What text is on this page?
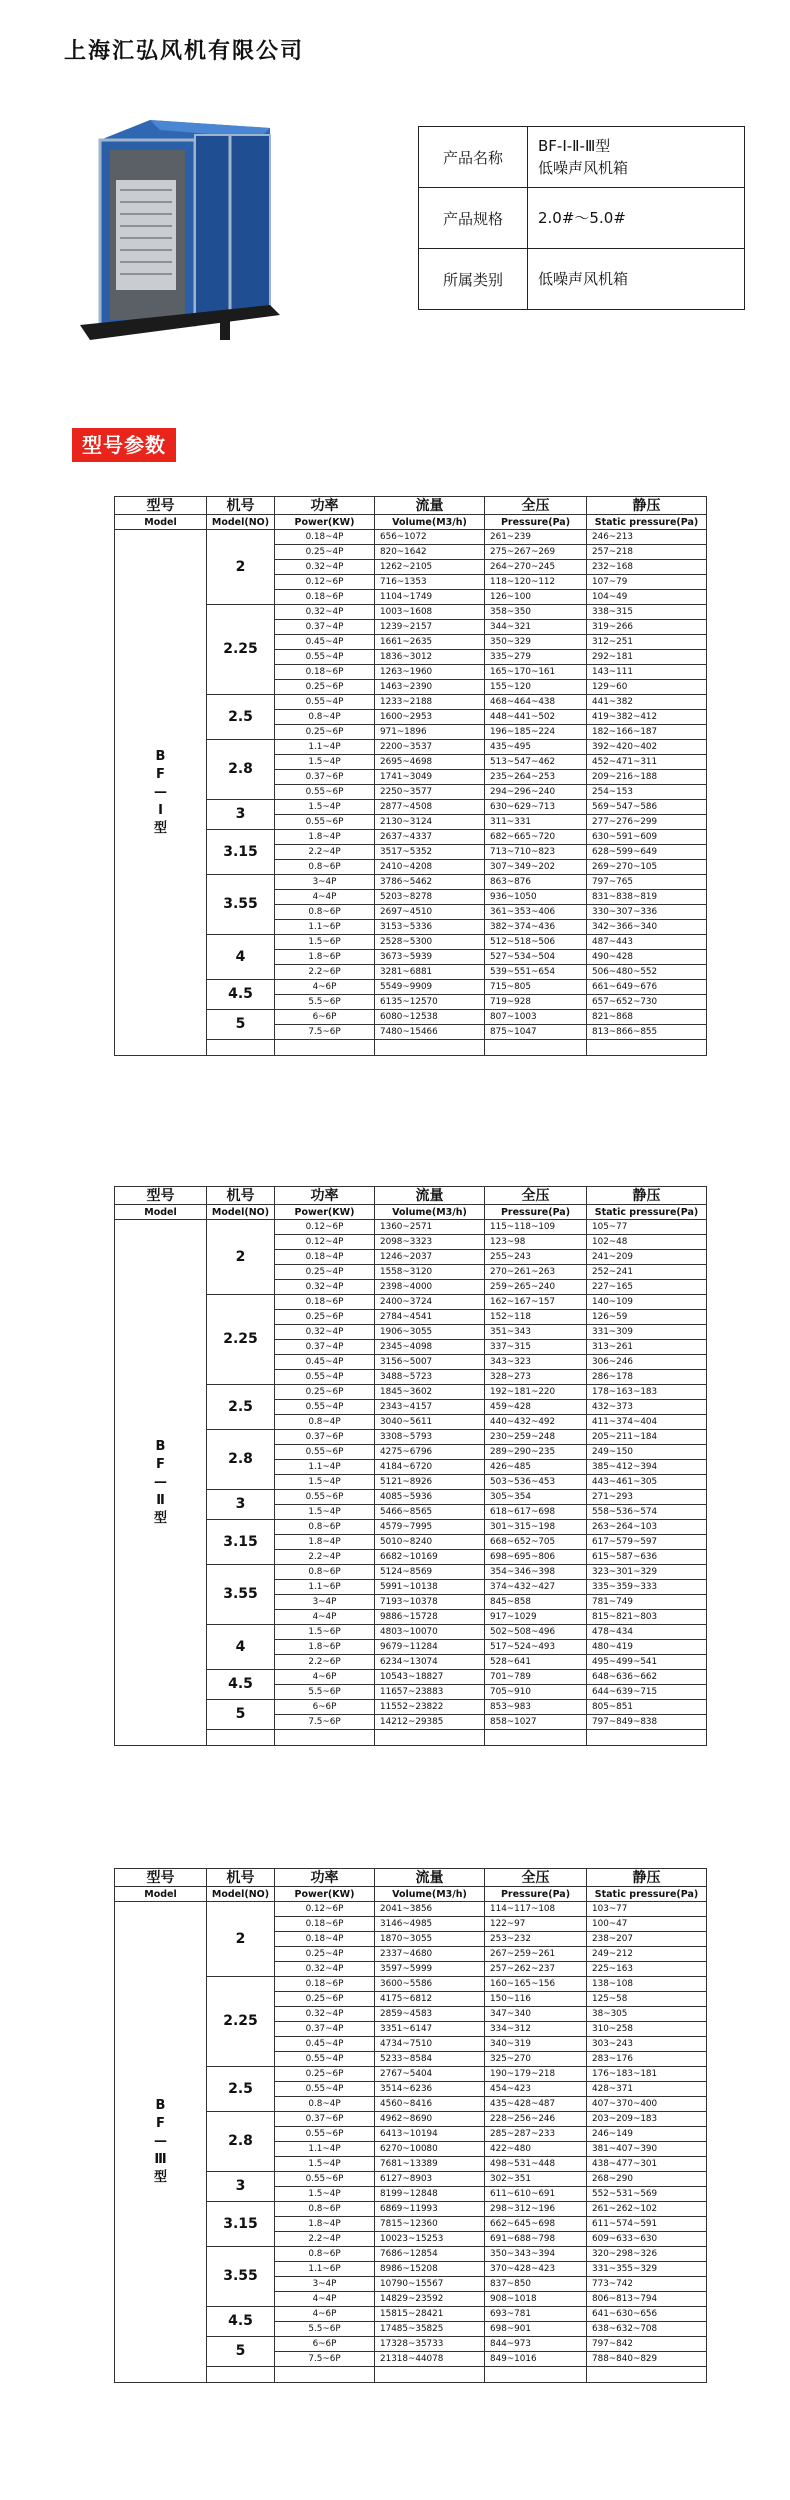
上海汇弘风机有限公司
产品名称	BF-Ⅰ-Ⅱ-Ⅲ型
低噪声风机箱
产品规格	2.0#～5.0#
所属类别	低噪声风机箱
型号参数
型号	机号	功率	流量	全压	静压
Model	Model(NO)	Power(KW)	Volume(M3/h)	Pressure(Pa)	Static pressure(Pa)

B
F
—
Ⅰ
型	2	0.18~4P	656~1072	261~239	246~213
		0.25~4P	820~1642	275~267~269	257~218
		0.32~4P	1262~2105	264~270~245	232~168
		0.12~6P	716~1353	118~120~112	107~79
		0.18~6P	1104~1749	126~100	104~49
	2.25	0.32~4P	1003~1608	358~350	338~315
		0.37~4P	1239~2157	344~321	319~266
		0.45~4P	1661~2635	350~329	312~251
		0.55~4P	1836~3012	335~279	292~181
		0.18~6P	1263~1960	165~170~161	143~111
		0.25~6P	1463~2390	155~120	129~60
	2.5	0.55~4P	1233~2188	468~464~438	441~382
		0.8~4P	1600~2953	448~441~502	419~382~412
		0.25~6P	971~1896	196~185~224	182~166~187
	2.8	1.1~4P	2200~3537	435~495	392~420~402
		1.5~4P	2695~4698	513~547~462	452~471~311
		0.37~6P	1741~3049	235~264~253	209~216~188
		0.55~6P	2250~3577	294~296~240	254~153
	3	1.5~4P	2877~4508	630~629~713	569~547~586
		0.55~6P	2130~3124	311~331	277~276~299
	3.15	1.8~4P	2637~4337	682~665~720	630~591~609
		2.2~4P	3517~5352	713~710~823	628~599~649
		0.8~6P	2410~4208	307~349~202	269~270~105
	3.55	3~4P	3786~5462	863~876	797~765
		4~4P	5203~8278	936~1050	831~838~819
		0.8~6P	2697~4510	361~353~406	330~307~336
		1.1~6P	3153~5336	382~374~436	342~366~340
	4	1.5~6P	2528~5300	512~518~506	487~443
		1.8~6P	3673~5939	527~534~504	490~428
		2.2~6P	3281~6881	539~551~654	506~480~552
	4.5	4~6P	5549~9909	715~805	661~649~676
		5.5~6P	6135~12570	719~928	657~652~730
	5	6~6P	6080~12538	807~1003	821~868
		7.5~6P	7480~15466	875~1047	813~866~855

型号	机号	功率	流量	全压	静压
Model	Model(NO)	Power(KW)	Volume(M3/h)	Pressure(Pa)	Static pressure(Pa)

B
F
—
Ⅱ
型	2	0.12~6P	1360~2571	115~118~109	105~77
		0.12~4P	2098~3323	123~98	102~48
		0.18~4P	1246~2037	255~243	241~209
		0.25~4P	1558~3120	270~261~263	252~241
		0.32~4P	2398~4000	259~265~240	227~165
	2.25	0.18~6P	2400~3724	162~167~157	140~109
		0.25~6P	2784~4541	152~118	126~59
		0.32~4P	1906~3055	351~343	331~309
		0.37~4P	2345~4098	337~315	313~261
		0.45~4P	3156~5007	343~323	306~246
		0.55~4P	3488~5723	328~273	286~178
	2.5	0.25~6P	1845~3602	192~181~220	178~163~183
		0.55~4P	2343~4157	459~428	432~373
		0.8~4P	3040~5611	440~432~492	411~374~404
	2.8	0.37~6P	3308~5793	230~259~248	205~211~184
		0.55~6P	4275~6796	289~290~235	249~150
		1.1~4P	4184~6720	426~485	385~412~394
		1.5~4P	5121~8926	503~536~453	443~461~305
	3	0.55~6P	4085~5936	305~354	271~293
		1.5~4P	5466~8565	618~617~698	558~536~574
	3.15	0.8~6P	4579~7995	301~315~198	263~264~103
		1.8~4P	5010~8240	668~652~705	617~579~597
		2.2~4P	6682~10169	698~695~806	615~587~636
	3.55	0.8~6P	5124~8569	354~346~398	323~301~329
		1.1~6P	5991~10138	374~432~427	335~359~333
		3~4P	7193~10378	845~858	781~749
		4~4P	9886~15728	917~1029	815~821~803
	4	1.5~6P	4803~10070	502~508~496	478~434
		1.8~6P	9679~11284	517~524~493	480~419
		2.2~6P	6234~13074	528~641	495~499~541
	4.5	4~6P	10543~18827	701~789	648~636~662
		5.5~6P	11657~23883	705~910	644~639~715
	5	6~6P	11552~23822	853~983	805~851
		7.5~6P	14212~29385	858~1027	797~849~838

型号	机号	功率	流量	全压	静压
Model	Model(NO)	Power(KW)	Volume(M3/h)	Pressure(Pa)	Static pressure(Pa)

B
F
—
Ⅲ
型	2	0.12~6P	2041~3856	114~117~108	103~77
		0.18~6P	3146~4985	122~97	100~47
		0.18~4P	1870~3055	253~232	238~207
		0.25~4P	2337~4680	267~259~261	249~212
		0.32~4P	3597~5999	257~262~237	225~163
	2.25	0.18~6P	3600~5586	160~165~156	138~108
		0.25~6P	4175~6812	150~116	125~58
		0.32~4P	2859~4583	347~340	38~305
		0.37~4P	3351~6147	334~312	310~258
		0.45~4P	4734~7510	340~319	303~243
		0.55~4P	5233~8584	325~270	283~176
	2.5	0.25~6P	2767~5404	190~179~218	176~183~181
		0.55~4P	3514~6236	454~423	428~371
		0.8~4P	4560~8416	435~428~487	407~370~400
	2.8	0.37~6P	4962~8690	228~256~246	203~209~183
		0.55~6P	6413~10194	285~287~233	246~149
		1.1~4P	6270~10080	422~480	381~407~390
		1.5~4P	7681~13389	498~531~448	438~477~301
	3	0.55~6P	6127~8903	302~351	268~290
		1.5~4P	8199~12848	611~610~691	552~531~569
	3.15	0.8~6P	6869~11993	298~312~196	261~262~102
		1.8~4P	7815~12360	662~645~698	611~574~591
		2.2~4P	10023~15253	691~688~798	609~633~630
	3.55	0.8~6P	7686~12854	350~343~394	320~298~326
		1.1~6P	8986~15208	370~428~423	331~355~329
		3~4P	10790~15567	837~850	773~742
		4~4P	14829~23592	908~1018	806~813~794
	4.5	4~6P	15815~28421	693~781	641~630~656
		5.5~6P	17485~35825	698~901	638~632~708
	5	6~6P	17328~35733	844~973	797~842
		7.5~6P	21318~44078	849~1016	788~840~829
